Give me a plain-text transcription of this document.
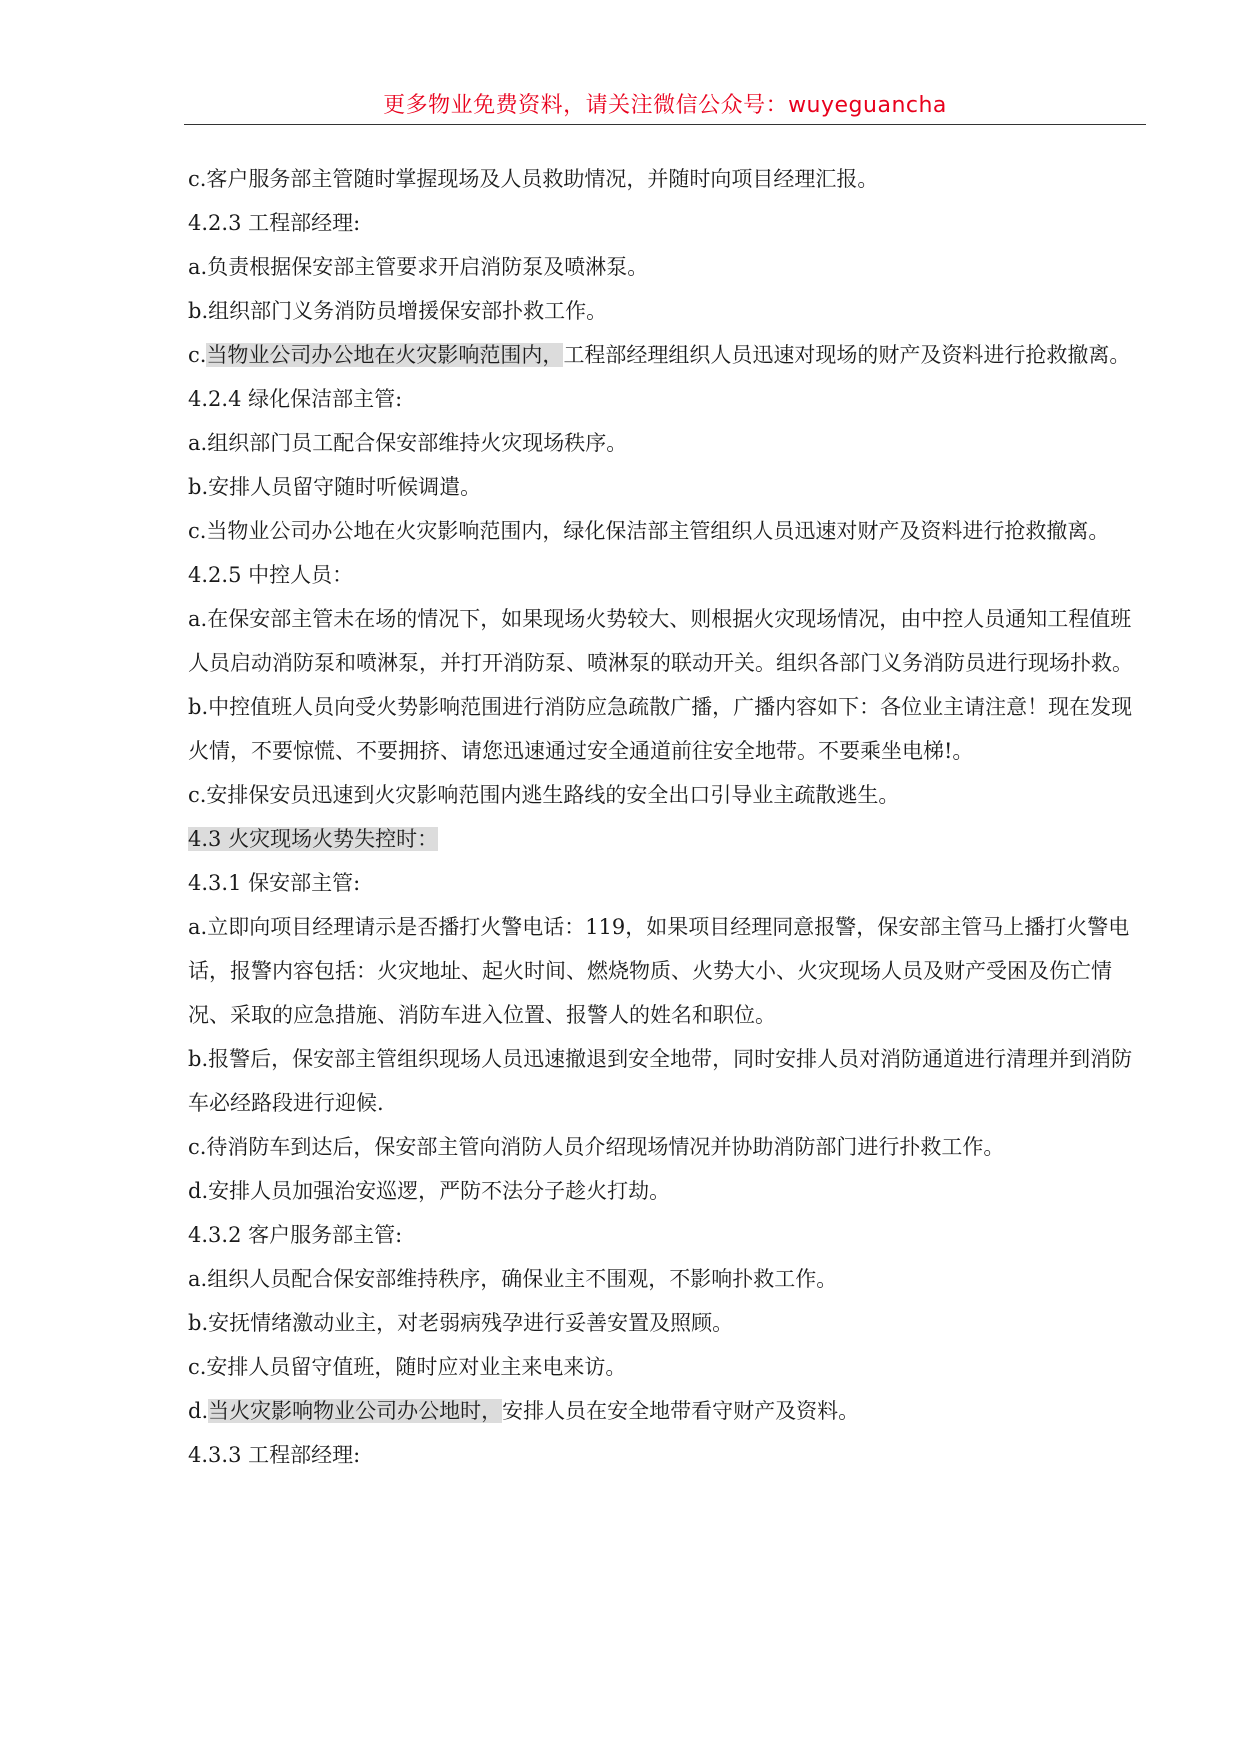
更多物业免费资料，请关注微信公众号：wuyeguancha

c.客户服务部主管随时掌握现场及人员救助情况，并随时向项目经理汇报。

4.2.3 工程部经理:

a.负责根据保安部主管要求开启消防泵及喷淋泵。

b.组织部门义务消防员增援保安部扑救工作。

c.当物业公司办公地在火灾影响范围内，工程部经理组织人员迅速对现场的财产及资料进行抢救撤离。

4.2.4 绿化保洁部主管:

a.组织部门员工配合保安部维持火灾现场秩序。

b.安排人员留守随时听候调遣。

c.当物业公司办公地在火灾影响范围内，绿化保洁部主管组织人员迅速对财产及资料进行抢救撤离。

4.2.5 中控人员：

a.在保安部主管未在场的情况下，如果现场火势较大、则根据火灾现场情况，由中控人员通知工程值班人员启动消防泵和喷淋泵，并打开消防泵、喷淋泵的联动开关。组织各部门义务消防员进行现场扑救。

b.中控值班人员向受火势影响范围进行消防应急疏散广播，广播内容如下：各位业主请注意！现在发现火情，不要惊慌、不要拥挤、请您迅速通过安全通道前往安全地带。不要乘坐电梯!。

c.安排保安员迅速到火灾影响范围内逃生路线的安全出口引导业主疏散逃生。

4.3 火灾现场火势失控时：

4.3.1 保安部主管:

a.立即向项目经理请示是否播打火警电话：119，如果项目经理同意报警，保安部主管马上播打火警电话，报警内容包括：火灾地址、起火时间、燃烧物质、火势大小、火灾现场人员及财产受困及伤亡情况、采取的应急措施、消防车进入位置、报警人的姓名和职位。

b.报警后，保安部主管组织现场人员迅速撤退到安全地带，同时安排人员对消防通道进行清理并到消防车必经路段进行迎候.

c.待消防车到达后，保安部主管向消防人员介绍现场情况并协助消防部门进行扑救工作。

d.安排人员加强治安巡逻，严防不法分子趁火打劫。

4.3.2 客户服务部主管:

a.组织人员配合保安部维持秩序，确保业主不围观，不影响扑救工作。

b.安抚情绪激动业主，对老弱病残孕进行妥善安置及照顾。

c.安排人员留守值班，随时应对业主来电来访。

d.当火灾影响物业公司办公地时，安排人员在安全地带看守财产及资料。

4.3.3 工程部经理:
